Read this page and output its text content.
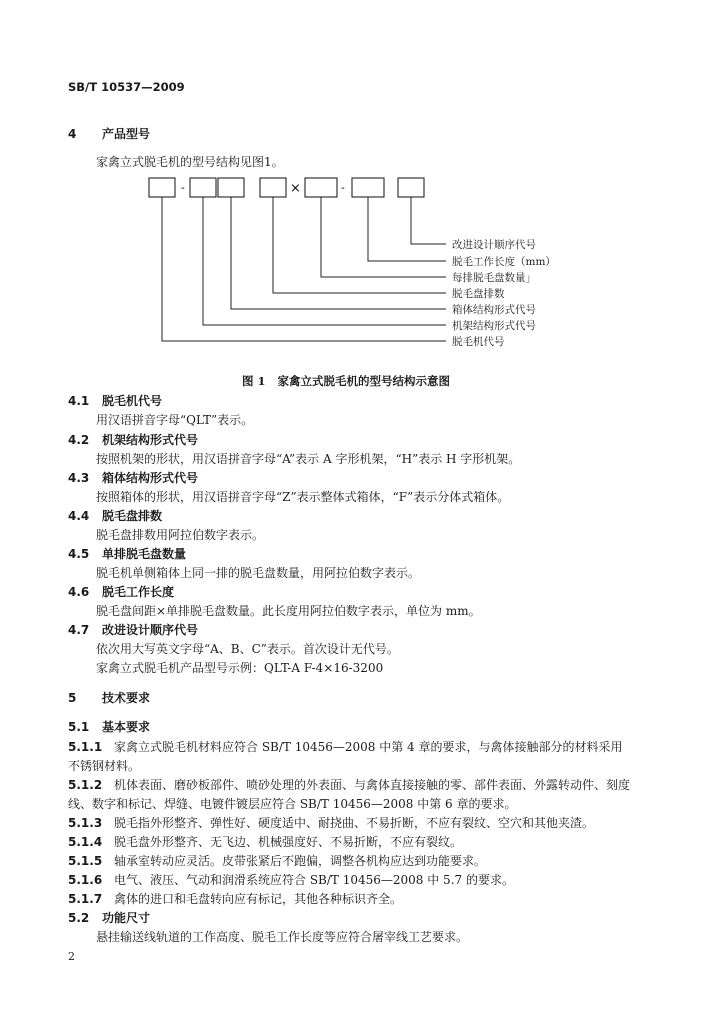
SB/T 10537—2009
4 产品型号
家禽立式脱毛机的型号结构见图1。
-	×	-
改进设计顺序代号
脱毛工作长度（mm）
每排脱毛盘数量」
脱毛盘排数
箱体结构形式代号
机架结构形式代号
脱毛机代号
图 1 家禽立式脱毛机的型号结构示意图
4.1 脱毛机代号
用汉语拼音字母“QLT”表示。
4.2 机架结构形式代号
按照机架的形状，用汉语拼音字母“A”表示 A 字形机架，“H”表示 H 字形机架。
4.3 箱体结构形式代号
按照箱体的形状，用汉语拼音字母“Z”表示整体式箱体，“F”表示分体式箱体。
4.4 脱毛盘排数
脱毛盘排数用阿拉伯数字表示。
4.5 单排脱毛盘数量
脱毛机单侧箱体上同一排的脱毛盘数量，用阿拉伯数字表示。
4.6 脱毛工作长度
脱毛盘间距×单排脱毛盘数量。此长度用阿拉伯数字表示，单位为 mm。
4.7 改进设计顺序代号
依次用大写英文字母“A、B、C”表示。首次设计无代号。
家禽立式脱毛机产品型号示例：QLT-A F-4×16-3200
5 技术要求
5.1 基本要求
5.1.1 家禽立式脱毛机材料应符合 SB/T 10456—2008 中第 4 章的要求，与禽体接触部分的材料采用
不锈钢材料。
5.1.2 机体表面、磨砂板部件、喷砂处理的外表面、与禽体直接接触的零、部件表面、外露转动件、刻度
线、数字和标记、焊缝、电镀件镀层应符合 SB/T 10456—2008 中第 6 章的要求。
5.1.3 脱毛指外形整齐、弹性好、硬度适中、耐挠曲、不易折断，不应有裂纹、空穴和其他夹渣。
5.1.4 脱毛盘外形整齐、无飞边、机械强度好、不易折断，不应有裂纹。
5.1.5 轴承室转动应灵活。皮带张紧后不跑偏，调整各机构应达到功能要求。
5.1.6 电气、液压、气动和润滑系统应符合 SB/T 10456—2008 中 5.7 的要求。
5.1.7 禽体的进口和毛盘转向应有标记，其他各种标识齐全。
5.2 功能尺寸
悬挂输送线轨道的工作高度、脱毛工作长度等应符合屠宰线工艺要求。
2
